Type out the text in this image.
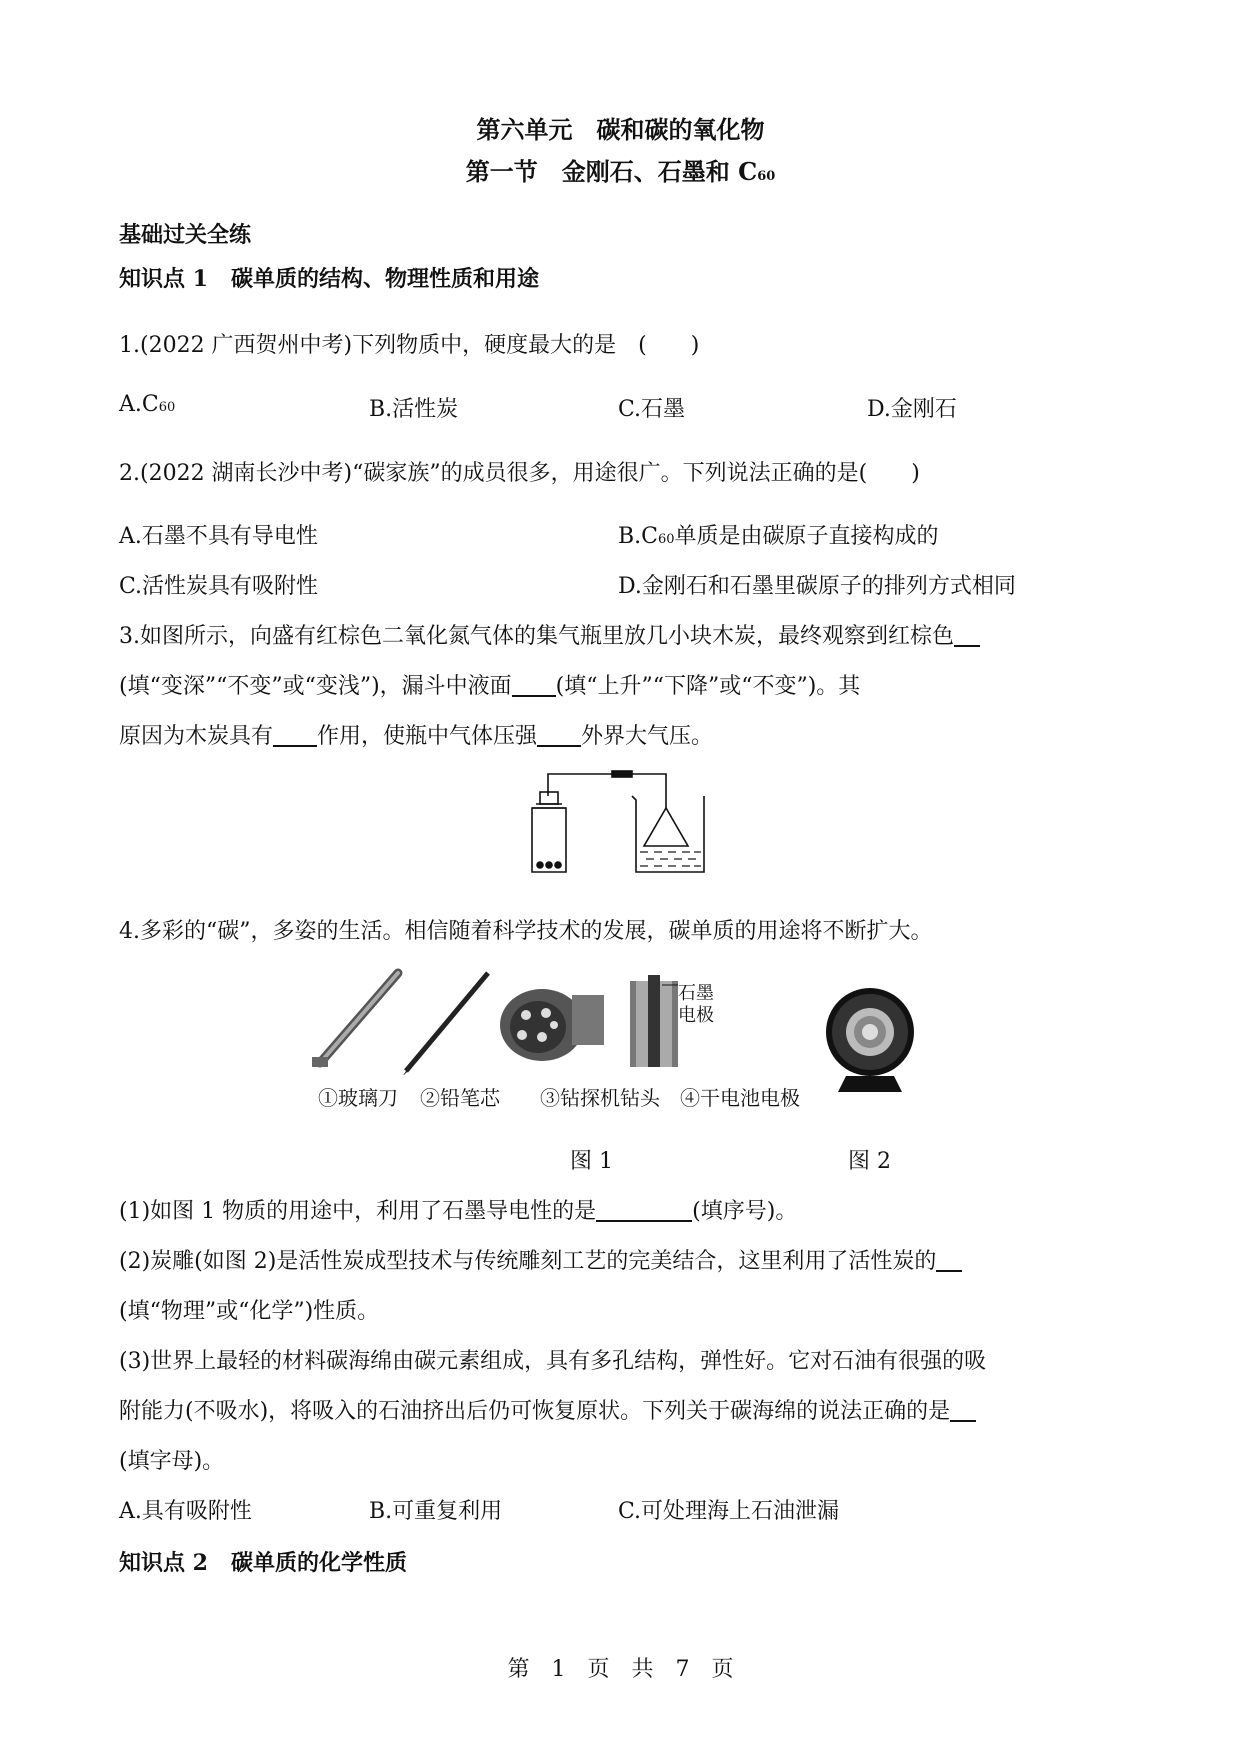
第六单元　碳和碳的氧化物
第一节　金刚石、石墨和 C60
基础过关全练
知识点 1 碳单质的结构、物理性质和用途
1.(2022 广西贺州中考)下列物质中，硬度最大的是　(　　)
A.C60	B.活性炭	C.石墨	D.金刚石
2.(2022 湖南长沙中考)“碳家族”的成员很多，用途很广。下列说法正确的是(　　)
A.石墨不具有导电性	B.C60单质是由碳原子直接构成的
C.活性炭具有吸附性	D.金刚石和石墨里碳原子的排列方式相同
3.如图所示，向盛有红棕色二氧化氮气体的集气瓶里放几小块木炭，最终观察到红棕色
(填“变深”“不变”或“变浅”)，漏斗中液面 (填“上升”“下降”或“不变”)。其
原因为木炭具有 作用，使瓶中气体压强 外界大气压。
4.多彩的“碳”，多姿的生活。相信随着科学技术的发展，碳单质的用途将不断扩大。
石墨
电极
①玻璃刀 ②铅笔芯 ③钻探机钻头 ④干电池电极
图 1	图 2
(1)如图 1 物质的用途中，利用了石墨导电性的是	(填序号)。
(2)炭雕(如图 2)是活性炭成型技术与传统雕刻工艺的完美结合，这里利用了活性炭的
(填“物理”或“化学”)性质。
(3)世界上最轻的材料碳海绵由碳元素组成，具有多孔结构，弹性好。它对石油有很强的吸
附能力(不吸水)，将吸入的石油挤出后仍可恢复原状。下列关于碳海绵的说法正确的是
(填字母)。
A.具有吸附性	B.可重复利用	C.可处理海上石油泄漏
知识点 2 碳单质的化学性质
第　1　页　共　7　页
